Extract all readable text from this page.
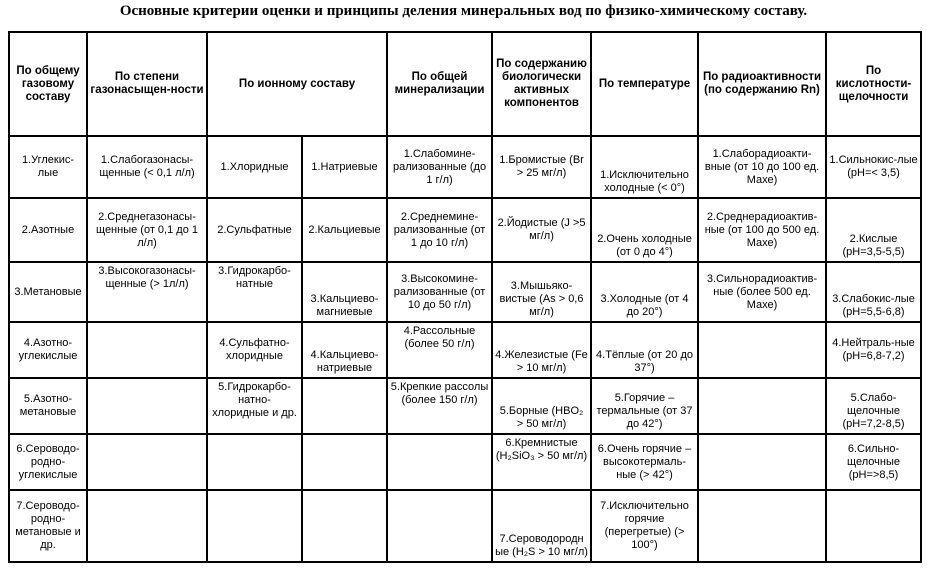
Основные критерии оценки и принципы деления минеральных вод по физико-химическому составу.
По общему газовому составу	По степени газонасыщен-ности	По ионному составу		По общей минерализации	По содержанию биологически активных компонентов	По температуре	По радиоактивности (по содержанию Rn)	По кислотности-щелочности
1.Углекис-лые	1.Слабогазонасы-щенные (< 0,1 л/л)	1.Хлоридные	1.Натриевые	1.Слабомине-рализованные (до 1 г/л)	1.Бромистые (Br > 25 мг/л)	1.Исключительно холодные (< 0°)	1.Слаборадиоакти-вные (от 10 до 100 ед. Махе)	1.Сильнокис-лые (pH=< 3,5)
2.Азотные	2.Среднегазонасы-щенные (от 0,1 до 1 л/л)	2.Сульфатные	2.Кальциевые	2.Среднемине-рализованные (от 1 до 10 г/л)	2.Йодистые (J >5 мг/л)	2.Очень холодные (от 0 до 4°)	2.Среднерадиоактив-ные (от 100 до 500 ед. Махе)	2.Кислые (pH=3,5-5,5)
3.Метановые	3.Высокогазонасы-щенные (> 1л/л)	3.Гидрокарбо-натные	3.Кальциево-магниевые	3.Высокомине-рализованные (от 10 до 50 г/л)	3.Мышьяко-вистые (As > 0,6 мг/л)	3.Холодные (от 4 до 20°)	3.Сильнорадиоактив-ные (более 500 ед. Махе)	3.Слабокис-лые (pH=5,5-6,8)
4.Азотно-углекислые		4.Сульфатно-хлоридные	4.Кальциево-натриевые	4.Рассольные (более 50 г/л)	4.Железистые (Fe > 10 мг/л)	4.Тёплые (от 20 до 37°)		4.Нейтраль-ные (pH=6,8-7,2)
5.Азотно-метановые		5.Гидрокарбо-натно-хлоридные и др.		5.Крепкие рассолы (более 150 г/л)	5.Борные (HBO₂ > 50 мг/л)	5.Горячие – термальные (от 37 до 42°)		5.Слабо-щелочные (pH=7,2-8,5)
6.Сероводо-родно-углекислые					6.Кремнистые (H₂SiO₃ > 50 мг/л)	6.Очень горячие – высокотермаль-ные (> 42°)		6.Сильно-щелочные (pH=>8,5)
7.Сероводо-родно-метановые и др.					7.Сероводородн ые (H₂S > 10 мг/л)	7.Исключительно горячие (перегретые) (> 100°)		
